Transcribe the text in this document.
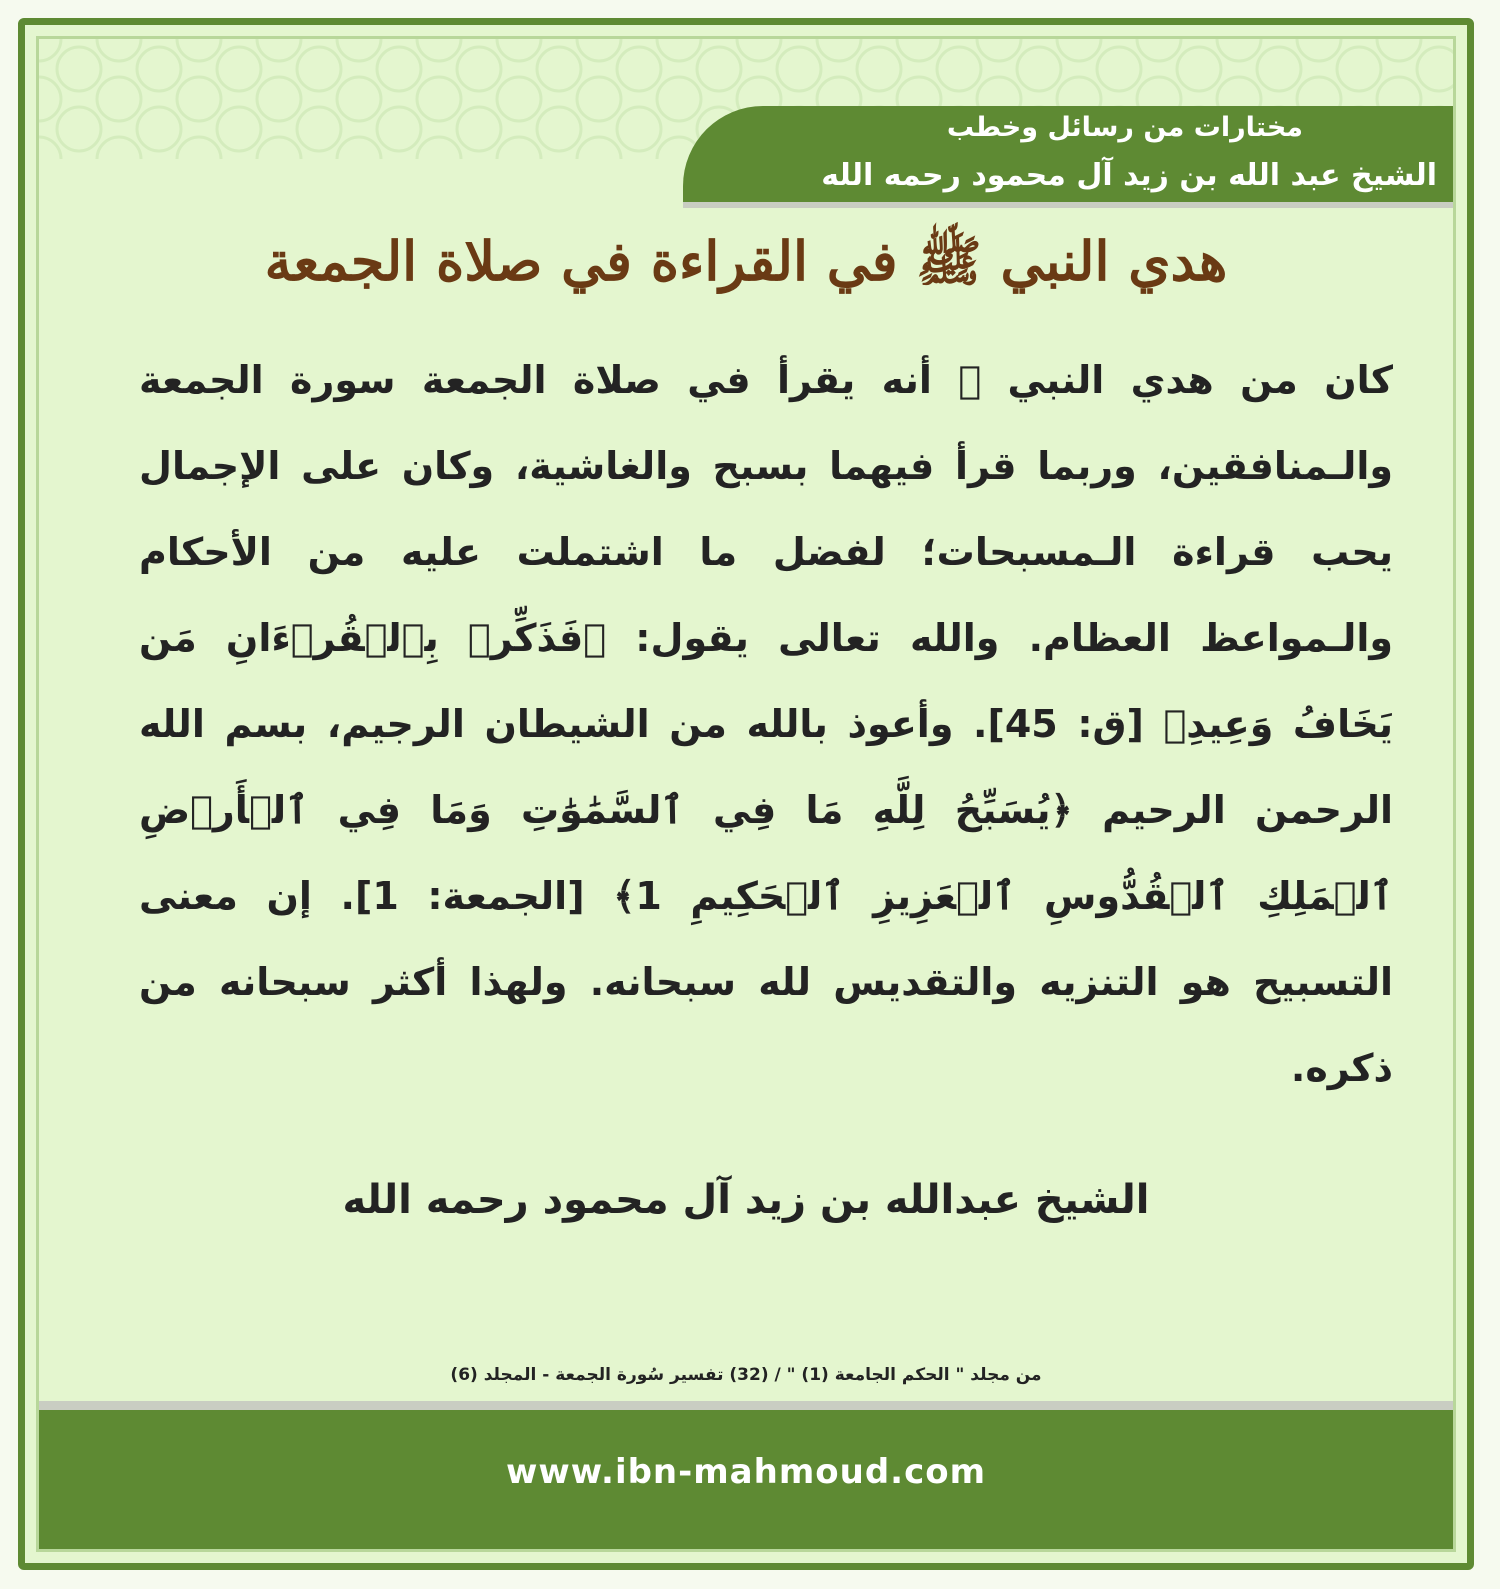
مختارات من رسائل وخطب
الشيخ عبد الله بن زيد آل محمود رحمه الله
هدي النبي ﷺ في القراءة في صلاة الجمعة
كان من هدي النبي ﷺ أنه يقرأ في صلاة الجمعة سورة الجمعة والـمنافقين، وربما قرأ فيهما بسبح والغاشية، وكان على الإجمال يحب قراءة الـمسبحات؛ لفضل ما اشتملت عليه من الأحكام والـمواعظ العظام. والله تعالى يقول: ﴿فَذَكِّرۡ بِٱلۡقُرۡءَانِ مَن يَخَافُ وَعِيدِ﴾ [ق: 45]. وأعوذ بالله من الشيطان الرجيم، بسم الله الرحمن الرحيم ﴿يُسَبِّحُ لِلَّهِ مَا فِي ٱلسَّمَٰوَٰتِ وَمَا فِي ٱلۡأَرۡضِ ٱلۡمَلِكِ ٱلۡقُدُّوسِ ٱلۡعَزِيزِ ٱلۡحَكِيمِ 1﴾ [الجمعة: 1]. إن معنى التسبيح هو التنزيه والتقديس لله سبحانه. ولهذا أكثر سبحانه من ذكره.
الشيخ عبدالله بن زيد آل محمود رحمه الله
من مجلد " الحكم الجامعة (1) " / (32) تفسير سُورة الجمعة - المجلد (6)
www.ibn-mahmoud.com
